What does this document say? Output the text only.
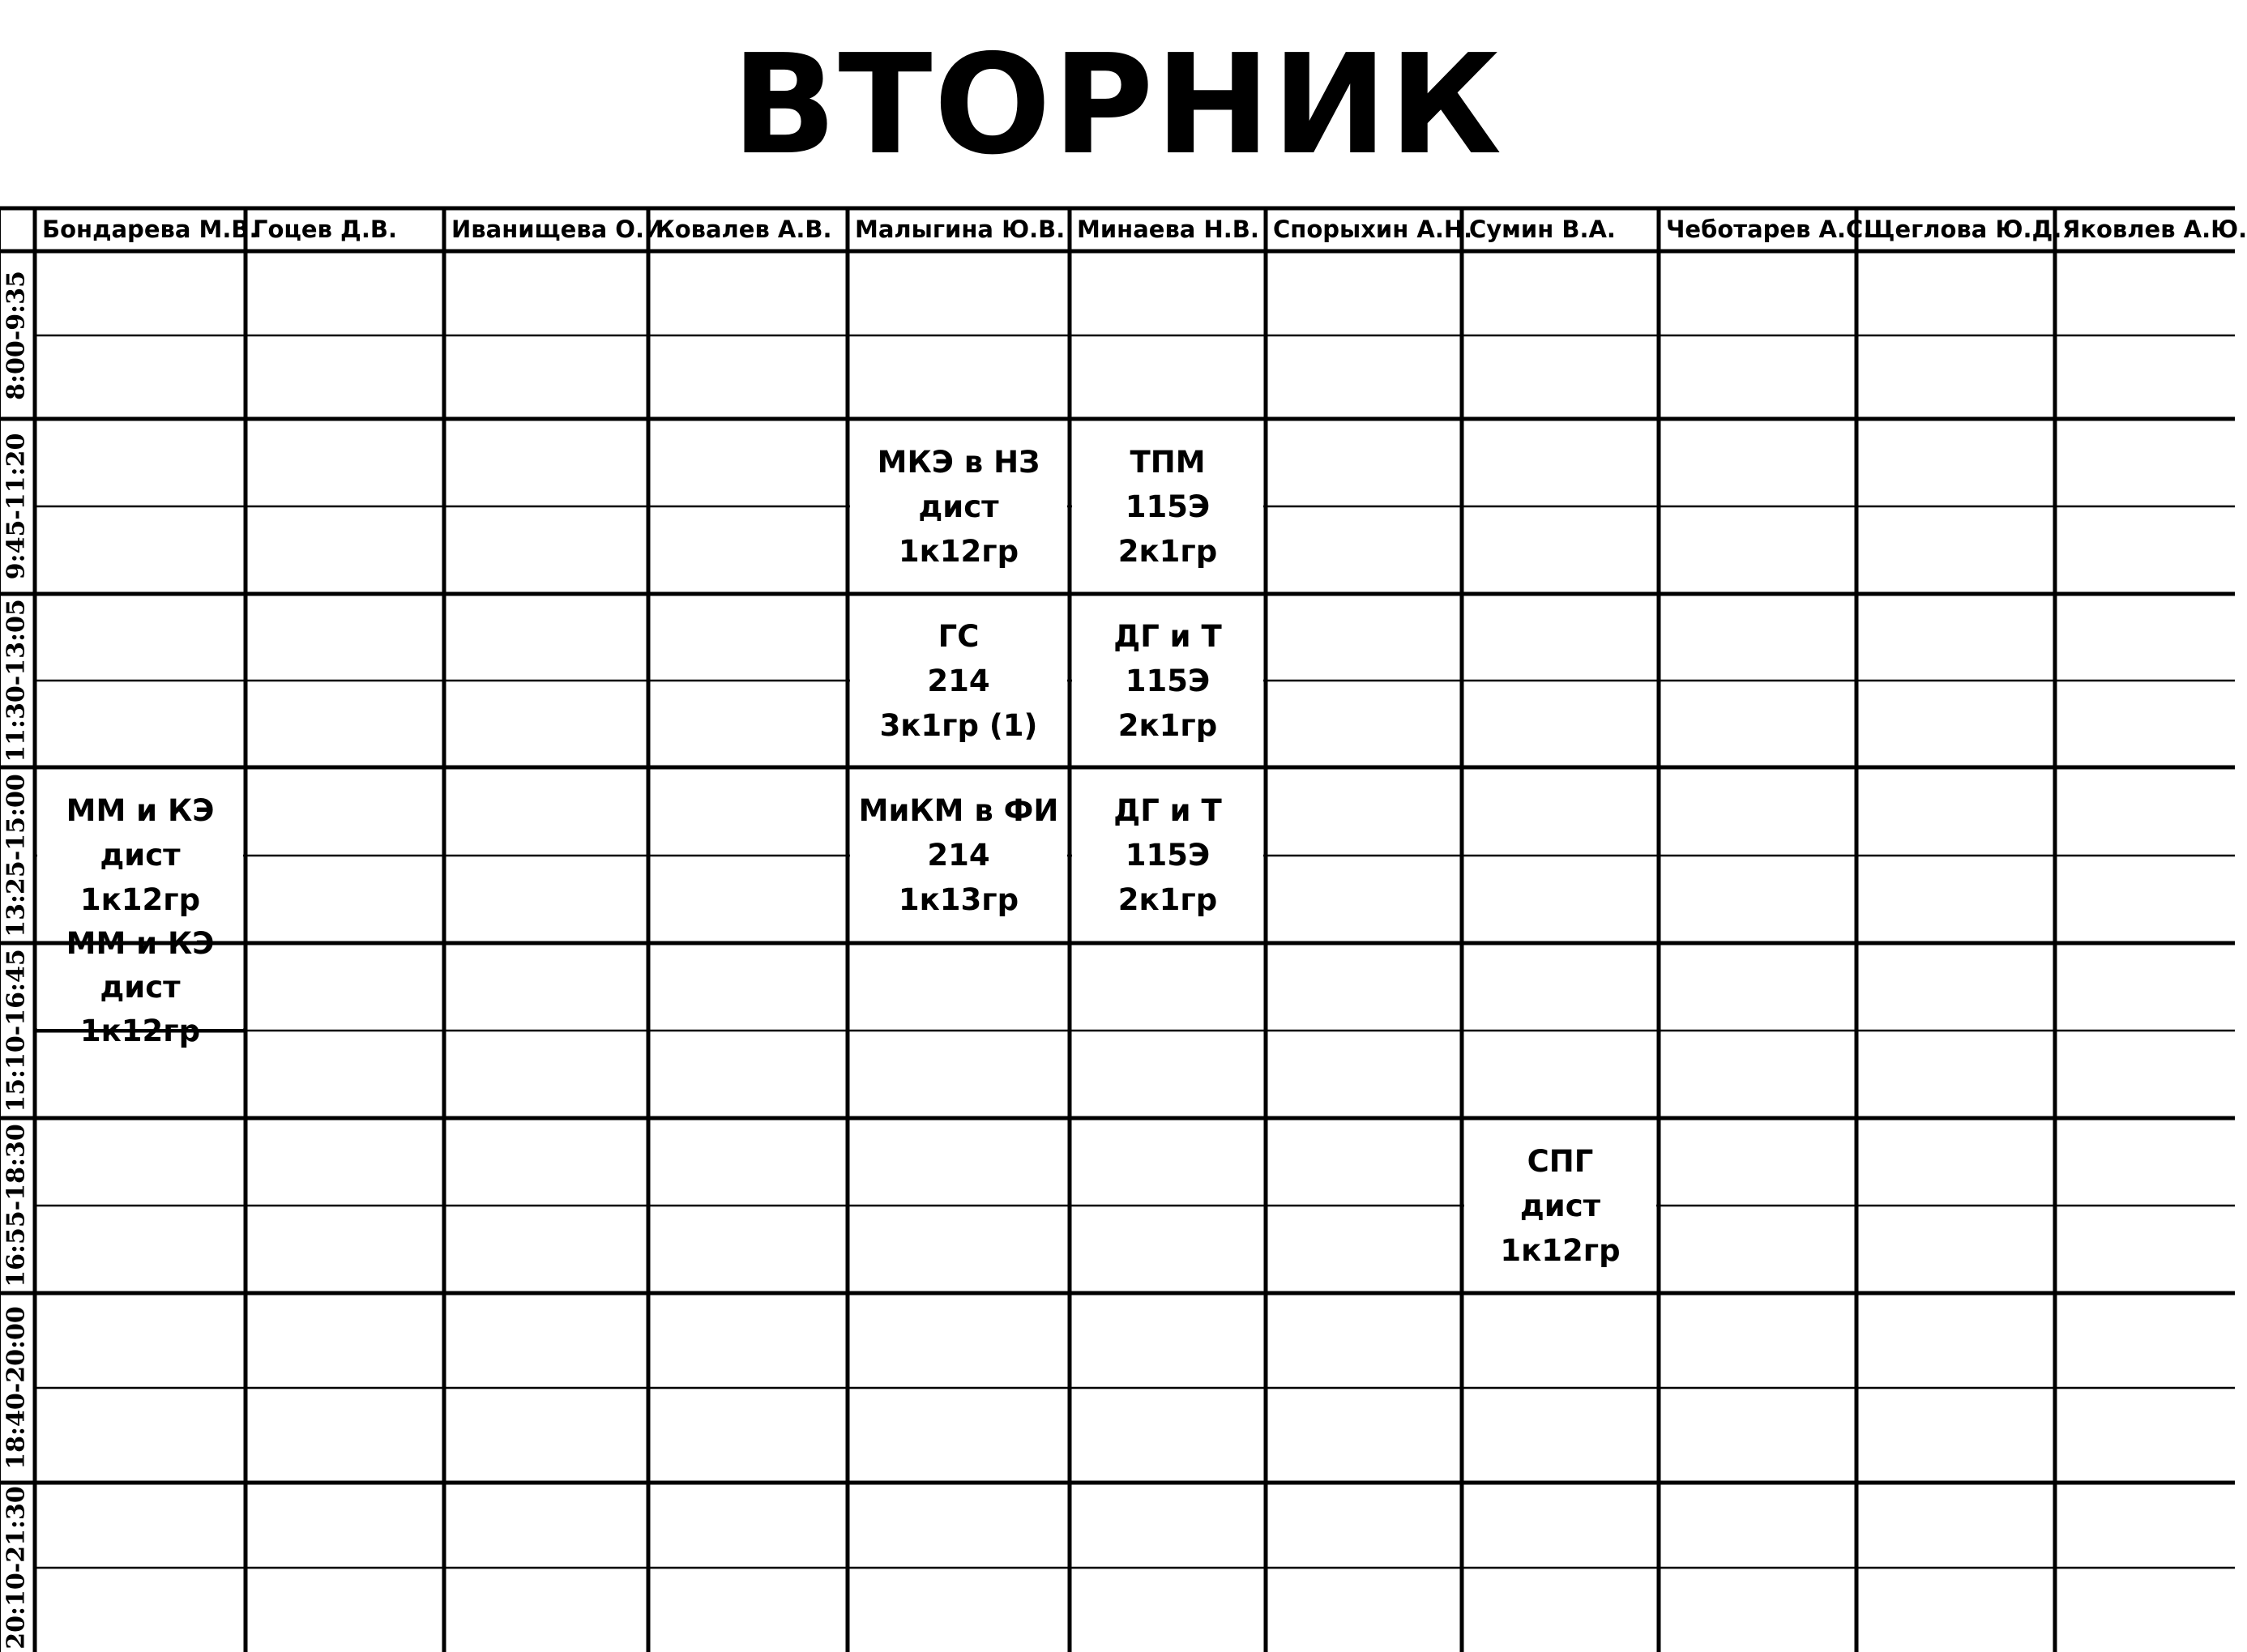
ВТОРНИК
Бондарева М.В.
Гоцев Д.В.	Иванищева О.И.
Ковалев А.В. Малыгина Ю.В. Минаева Н.В. Спорыхин А.Н.
Сумин В.А.	Чеботарев А.С.
Щеглова Ю.Д. Яковлев А.Ю.
8:00-9:35
9:45-11:20
11:30-13:05
13:25-15:00
15:10-16:45
16:55-18:30
18:40-20:00
20:10-21:30
МКЭ в НЗ
дист
1к12гр
ТПМ
115Э
2к1гр
ГС
214
3к1гр (1)
ДГ и Т
115Э
2к1гр
ММ и КЭ
дист
1к12гр
МиКМ в ФИ
214
1к13гр
ДГ и Т
115Э
2к1гр
ММ и КЭ
дист 1к12гр
СПГ
дист
1к12гр
